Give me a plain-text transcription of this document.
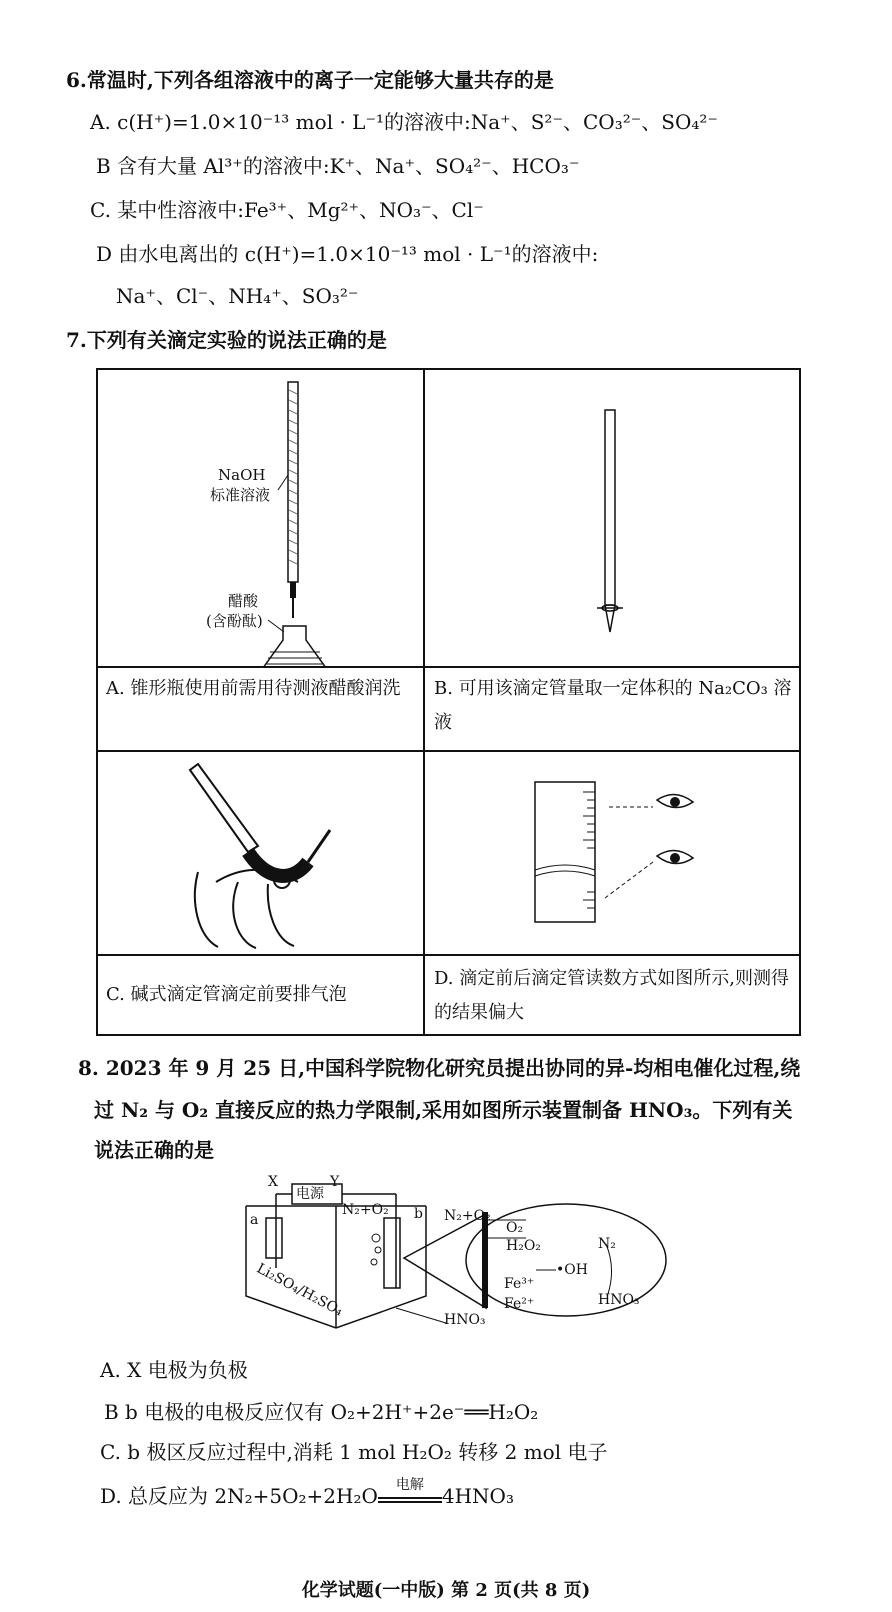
6.常温时,下列各组溶液中的离子一定能够大量共存的是
A. c(H⁺)=1.0×10⁻¹³ mol · L⁻¹的溶液中:Na⁺、S²⁻、CO₃²⁻、SO₄²⁻
B 含有大量 Al³⁺的溶液中:K⁺、Na⁺、SO₄²⁻、HCO₃⁻
C. 某中性溶液中:Fe³⁺、Mg²⁺、NO₃⁻、Cl⁻
D 由水电离出的 c(H⁺)=1.0×10⁻¹³ mol · L⁻¹的溶液中:
Na⁺、Cl⁻、NH₄⁺、SO₃²⁻
7.下列有关滴定实验的说法正确的是
NaOH
标准溶液
醋酸
(含酚酞)
A. 锥形瓶使用前需用待测液醋酸润洗	B. 可用该滴定管量取一定体积的 Na₂CO₃ 溶液
C. 碱式滴定管滴定前要排气泡
D. 滴定前后滴定管读数方式如图所示,则测得的结果偏大
8. 2023 年 9 月 25 日,中国科学院物化研究员提出协同的异-均相电催化过程,绕
过 N₂ 与 O₂ 直接反应的热力学限制,采用如图所示装置制备 HNO₃。下列有关
说法正确的是
X	Y
电源
a	b
N₂+O₂	N₂+O₂
Li₂SO₄/H₂SO₄
HNO₃
O₂
H₂O₂
•OH
N₂
Fe³⁺
Fe²⁺	HNO₃
A. X 电极为负极
B b 电极的电极反应仅有 O₂+2H⁺+2e⁻══H₂O₂
C. b 极区反应过程中,消耗 1 mol H₂O₂ 转移 2 mol 电子
D. 总反应为 2N₂+5O₂+2H₂O	电解 4HNO₃
化学试题(一中版) 第 2 页(共 8 页)
